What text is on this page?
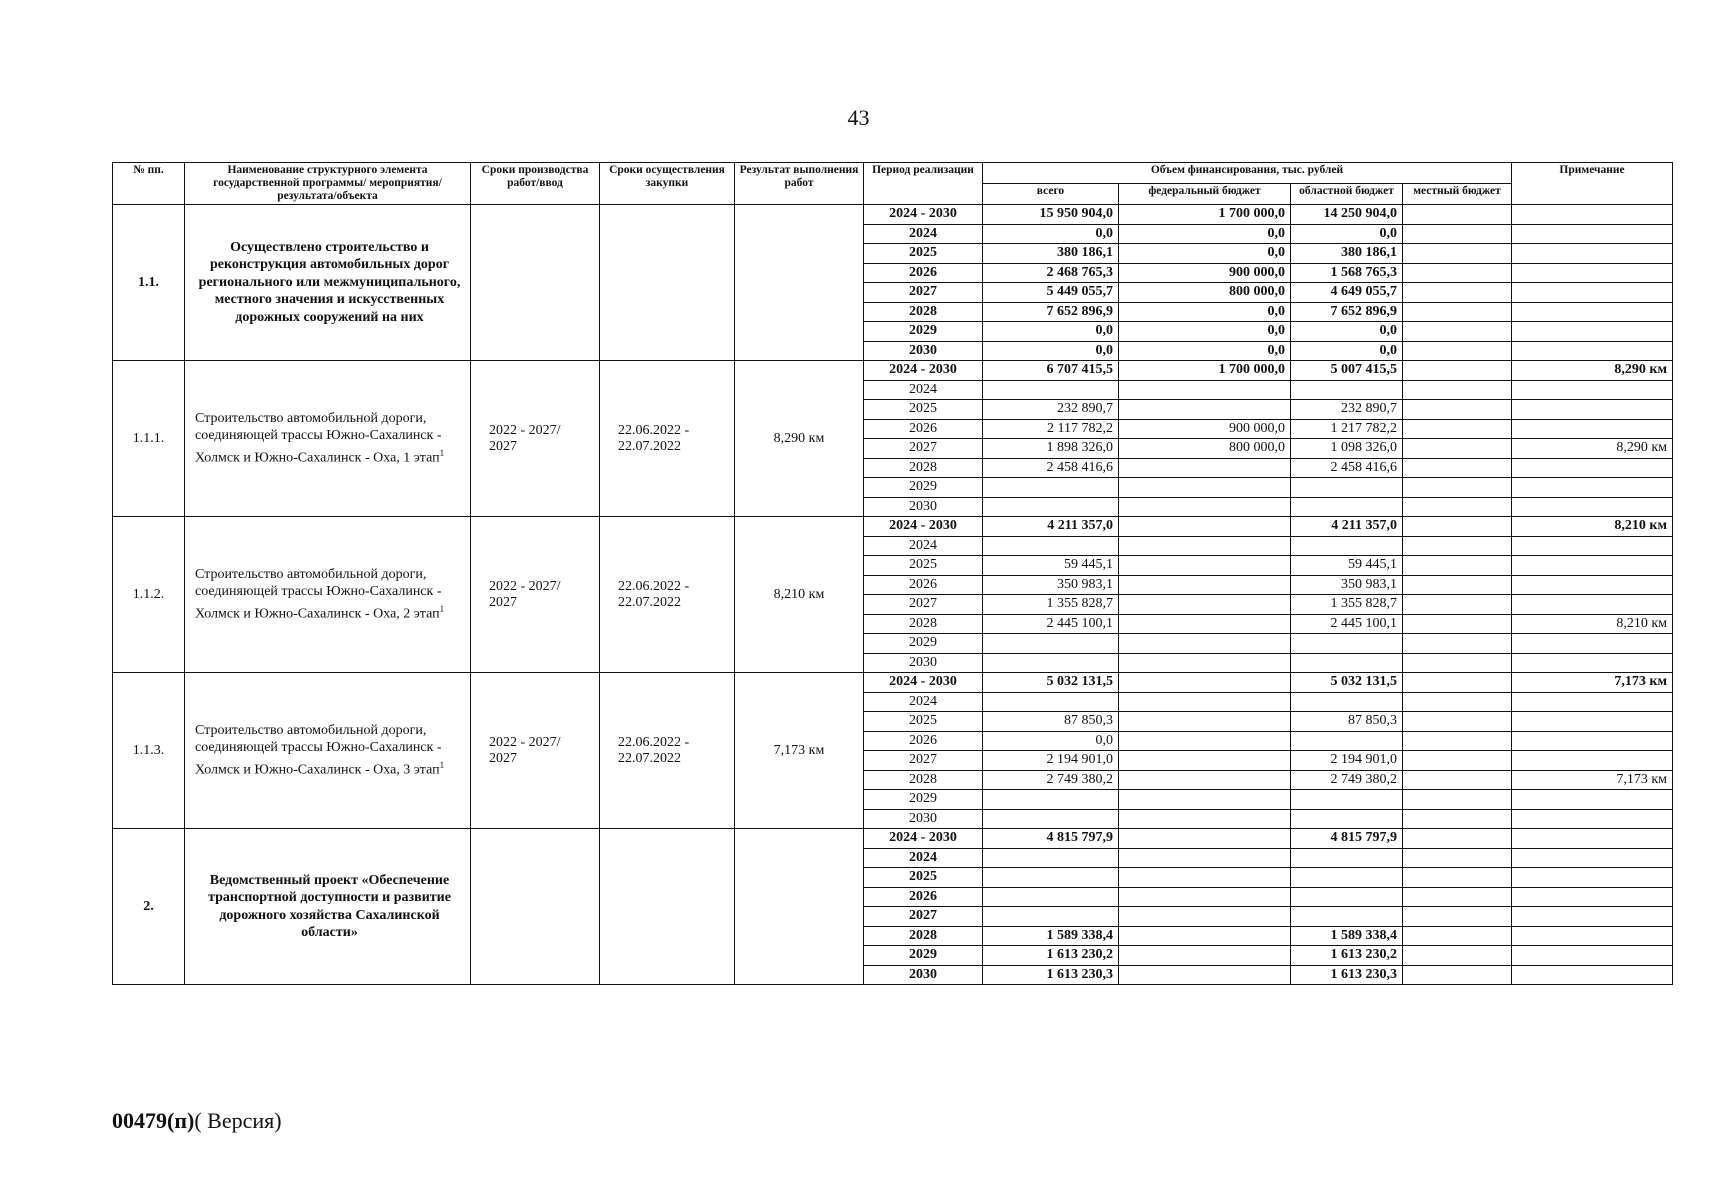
43
№ пп.	Наименование структурного элемента государственной программы/ мероприятия/результата/объекта	Сроки производства работ/ввод	Сроки осуществления закупки	Результат выполнения работ	Период реализации	Объем финансирования, тыс. рублей				Примечание
						всего	федеральный бюджет	областной бюджет	местный бюджет	
1.1.	Осуществлено строительство и реконструкция автомобильных дорог регионального или межмуниципального, местного значения и искусственных дорожных сооружений на них				2024 - 2030	15 950 904,0	1 700 000,0	14 250 904,0		
					2024	0,0	0,0	0,0		
					2025	380 186,1	0,0	380 186,1		
					2026	2 468 765,3	900 000,0	1 568 765,3		
					2027	5 449 055,7	800 000,0	4 649 055,7		
					2028	7 652 896,9	0,0	7 652 896,9		
					2029	0,0	0,0	0,0		
					2030	0,0	0,0	0,0		
1.1.1.	Строительство автомобильной дороги, соединяющей трассы Южно-Сахалинск - Холмск и Южно-Сахалинск - Оха, 1 этап$^1$	2022 - 2027/ 2027	22.06.2022 - 22.07.2022	8,290 км	2024 - 2030	6 707 415,5	1 700 000,0	5 007 415,5		8,290 км
					2024					
					2025	232 890,7		232 890,7		
					2026	2 117 782,2	900 000,0	1 217 782,2		
					2027	1 898 326,0	800 000,0	1 098 326,0		8,290 км
					2028	2 458 416,6		2 458 416,6		
					2029					
					2030					
1.1.2.	Строительство автомобильной дороги, соединяющей трассы Южно-Сахалинск - Холмск и Южно-Сахалинск - Оха, 2 этап$^1$	2022 - 2027/ 2027	22.06.2022 - 22.07.2022	8,210 км	2024 - 2030	4 211 357,0		4 211 357,0		8,210 км
					2024					
					2025	59 445,1		59 445,1		
					2026	350 983,1		350 983,1		
					2027	1 355 828,7		1 355 828,7		
					2028	2 445 100,1		2 445 100,1		8,210 км
					2029					
					2030					
1.1.3.	Строительство автомобильной дороги, соединяющей трассы Южно-Сахалинск - Холмск и Южно-Сахалинск - Оха, 3 этап$^1$	2022 - 2027/ 2027	22.06.2022 - 22.07.2022	7,173 км	2024 - 2030	5 032 131,5		5 032 131,5		7,173 км
					2024					
					2025	87 850,3		87 850,3		
					2026	0,0				
					2027	2 194 901,0		2 194 901,0		
					2028	2 749 380,2		2 749 380,2		7,173 км
					2029					
					2030					
2.	Ведомственный проект «Обеспечение транспортной доступности и развитие дорожного хозяйства Сахалинской области»				2024 - 2030	4 815 797,9		4 815 797,9		
					2024					
					2025					
					2026					
					2027					
					2028	1 589 338,4		1 589 338,4		
					2029	1 613 230,2		1 613 230,2		
					2030	1 613 230,3		1 613 230,3		
00479(п)( Версия)
